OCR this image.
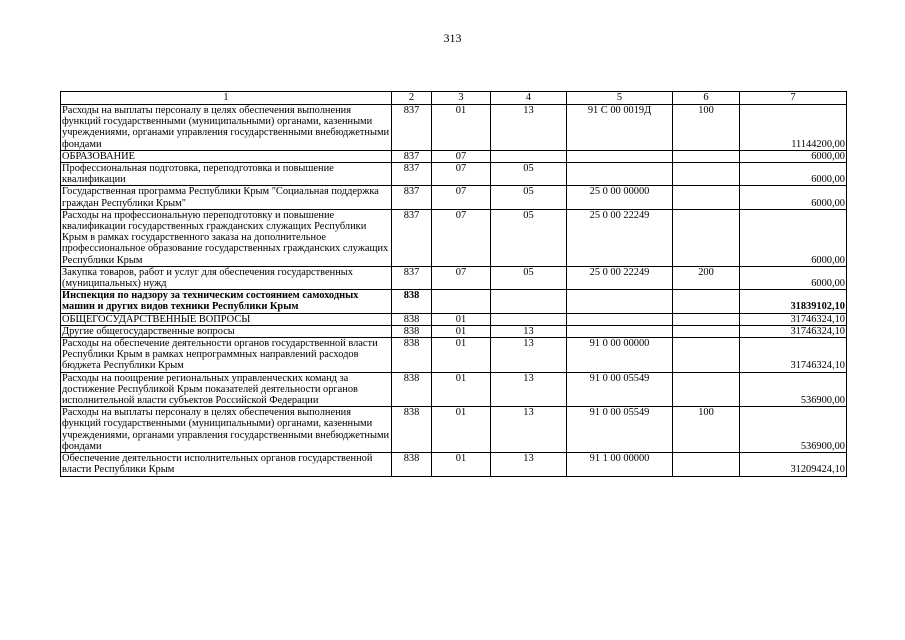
313
1	2	3	4	5	6	7
Расходы на выплаты персоналу в целях обеспечения выполнения функций государственными (муниципальными) органами, казенными учреждениями, органами управления государственными внебюджетными фондами	837	01	13	91 С 00 0019Д	100	11144200,00
ОБРАЗОВАНИЕ	837	07				6000,00
Профессиональная подготовка, переподготовка и повышение квалификации	837	07	05			6000,00
Государственная программа Республики Крым "Социальная поддержка граждан Республики Крым"	837	07	05	25 0 00 00000		6000,00
Расходы на профессиональную переподготовку и повышение квалификации государственных гражданских служащих Республики Крым в рамках государственного заказа на дополнительное профессиональное образование государственных гражданских служащих Республики Крым	837	07	05	25 0 00 22249		6000,00
Закупка товаров, работ и услуг для обеспечения государственных (муниципальных) нужд	837	07	05	25 0 00 22249	200	6000,00
Инспекция по надзору за техническим состоянием самоходных машин и других видов техники Республики Крым	838					31839102,10
ОБЩЕГОСУДАРСТВЕННЫЕ ВОПРОСЫ	838	01				31746324,10
Другие общегосударственные вопросы	838	01	13			31746324,10
Расходы на обеспечение деятельности органов государственной власти Республики Крым в рамках непрограммных направлений расходов бюджета Республики Крым	838	01	13	91 0 00 00000		31746324,10
Расходы на поощрение региональных управленческих команд за достижение Республикой Крым показателей деятельности органов исполнительной власти субъектов Российской Федерации	838	01	13	91 0 00 05549		536900,00
Расходы на выплаты персоналу в целях обеспечения выполнения функций государственными (муниципальными) органами, казенными учреждениями, органами управления государственными внебюджетными фондами	838	01	13	91 0 00 05549	100	536900,00
Обеспечение деятельности исполнительных органов государственной власти Республики Крым	838	01	13	91 1 00 00000		31209424,10
